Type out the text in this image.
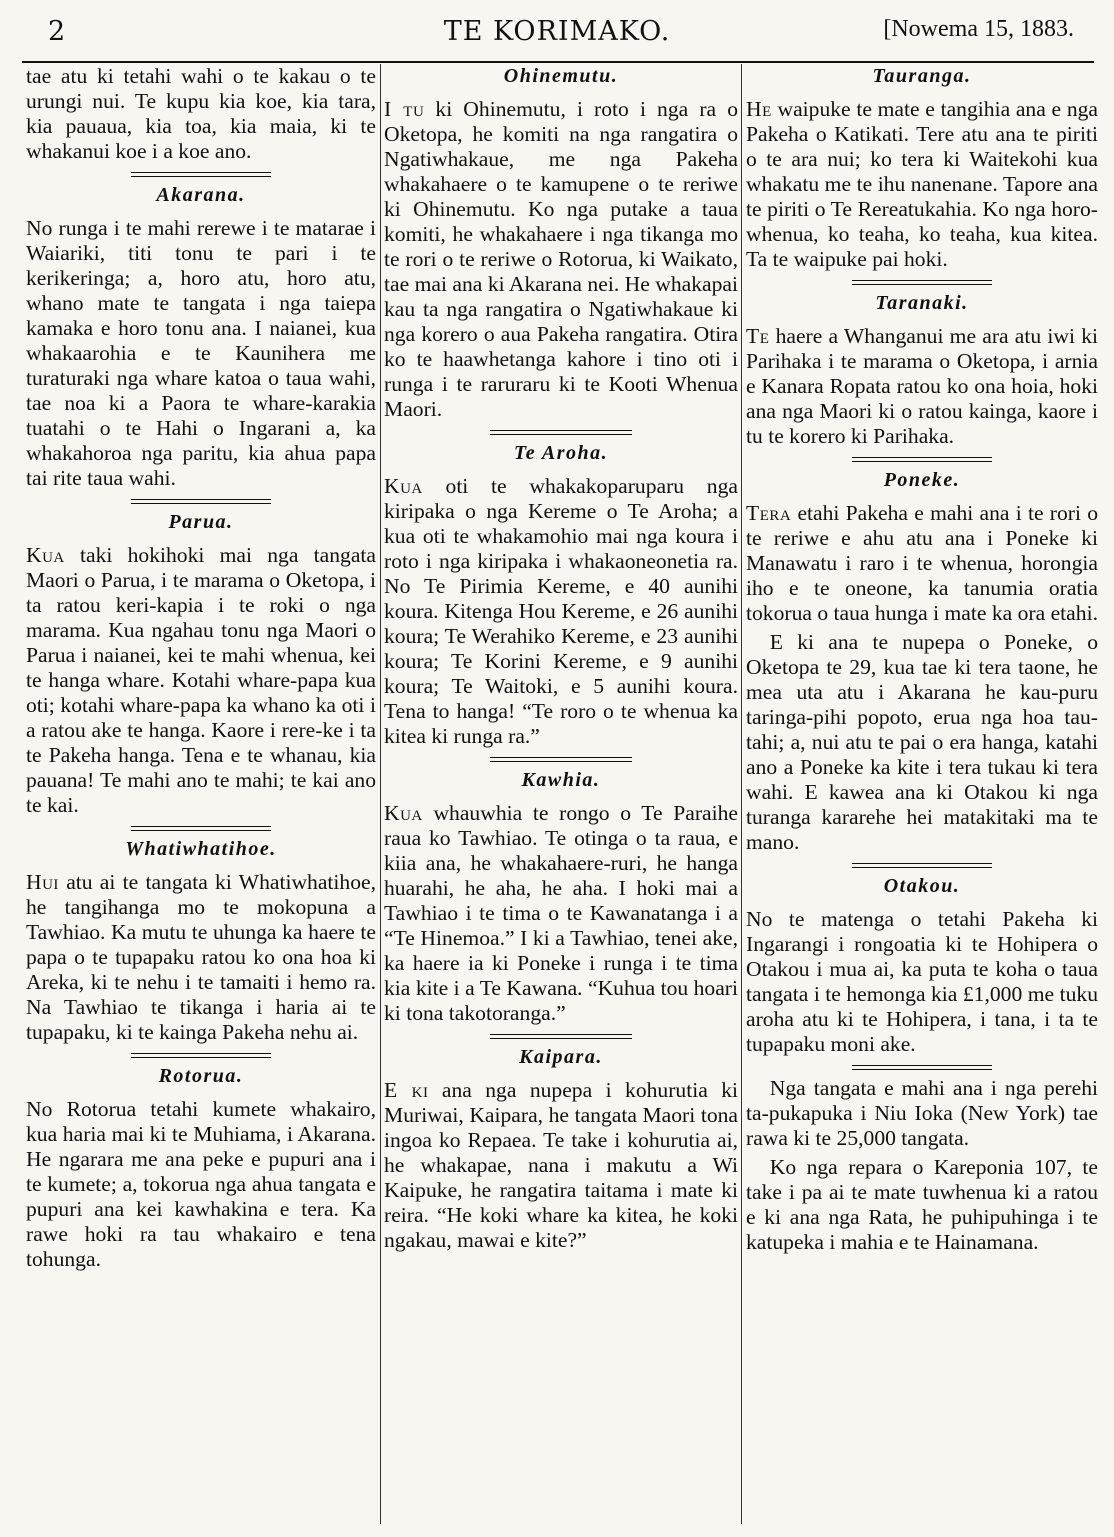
2	TE KORIMAKO.	[Nowema 15, 1883.

tae atu ki tetahi wahi o te kakau o te urungi nui. Te kupu kia koe, kia tara, kia pauaua, kia toa, kia maia, ki te whakanui koe i a koe ano.

Akarana.

No runga i te mahi rerewe i te matarae i Waiariki, titi tonu te pari i te kerikeringa; a, horo atu, horo atu, whano mate te tangata i nga taiepa kamaka e horo tonu ana. I naianei, kua whakaarohia e te Kaunihera me turaturaki nga whare katoa o taua wahi, tae noa ki a Paora te whare-karakia tuatahi o te Hahi o Ingarani a, ka whakahoroa nga paritu, kia ahua papa tai rite taua wahi.

Parua.

Kua taki hokihoki mai nga tangata Maori o Parua, i te marama o Oketopa, i ta ratou keri-kapia i te roki o nga marama. Kua ngahau tonu nga Maori o Parua i naianei, kei te mahi whenua, kei te hanga whare. Kotahi whare-papa kua oti; kotahi whare-papa ka whano ka oti i a ratou ake te hanga. Kaore i rere-ke i ta te Pakeha hanga. Tena e te whanau, kia pauana! Te mahi ano te mahi; te kai ano te kai.

Whatiwhatihoe.

Hui atu ai te tangata ki Whatiwhatihoe, he tangihanga mo te mokopuna a Tawhiao. Ka mutu te uhunga ka haere te papa o te tupapaku ratou ko ona hoa ki Areka, ki te nehu i te tamaiti i hemo ra. Na Tawhiao te tikanga i haria ai te tupapaku, ki te kainga Pakeha nehu ai.

Rotorua.

No Rotorua tetahi kumete whakairo, kua haria mai ki te Muhiama, i Akarana. He ngarara me ana peke e pupuri ana i te kumete; a, tokorua nga ahua tangata e pupuri ana kei kawhakina e tera. Ka rawe hoki ra tau whakairo e tena tohunga.

Ohinemutu.

I tu ki Ohinemutu, i roto i nga ra o Oketopa, he komiti na nga rangatira o Ngatiwhakaue, me nga Pakeha whakahaere o te kamupene o te reriwe ki Ohinemutu. Ko nga putake a taua komiti, he whakahaere i nga tikanga mo te rori o te reriwe o Rotorua, ki Waikato, tae mai ana ki Akarana nei. He whakapai kau ta nga rangatira o Ngatiwhakaue ki nga korero o aua Pakeha rangatira. Otira ko te haawhetanga kahore i tino oti i runga i te raruraru ki te Kooti Whenua Maori.

Te Aroha.

Kua oti te whakakoparuparu nga kiripaka o nga Kereme o Te Aroha; a kua oti te whakamohio mai nga koura i roto i nga kiripaka i whakaoneonetia ra. No Te Pirimia Kereme, e 40 aunihi koura. Kitenga Hou Kereme, e 26 aunihi koura; Te Werahiko Kereme, e 23 aunihi koura; Te Korini Kereme, e 9 aunihi koura; Te Waitoki, e 5 aunihi koura. Tena to hanga! “Te roro o te whenua ka kitea ki runga ra.”

Kawhia.

Kua whauwhia te rongo o Te Paraihe raua ko Tawhiao. Te otinga o ta raua, e kiia ana, he whakahaere-ruri, he hanga huarahi, he aha, he aha. I hoki mai a Tawhiao i te tima o te Kawanatanga i a “Te Hinemoa.” I ki a Tawhiao, tenei ake, ka haere ia ki Poneke i runga i te tima kia kite i a Te Kawana. “Kuhua tou hoari ki tona takotoranga.”

Kaipara.

E ki ana nga nupepa i kohurutia ki Muriwai, Kaipara, he tangata Maori tona ingoa ko Repaea. Te take i kohurutia ai, he whakapae, nana i makutu a Wi Kaipuke, he rangatira taitama i mate ki reira. “He koki whare ka kitea, he koki ngakau, mawai e kite?”

Tauranga.

He waipuke te mate e tangihia ana e nga Pakeha o Katikati. Tere atu ana te piriti o te ara nui; ko tera ki Waitekohi kua whakatu me te ihu nanenane. Tapore ana te piriti o Te Rereatukahia. Ko nga horo-whenua, ko teaha, ko teaha, kua kitea. Ta te waipuke pai hoki.

Taranaki.

Te haere a Whanganui me ara atu iwi ki Parihaka i te marama o Oketopa, i arnia e Kanara Ropata ratou ko ona hoia, hoki ana nga Maori ki o ratou kainga, kaore i tu te korero ki Parihaka.

Poneke.

Tera etahi Pakeha e mahi ana i te rori o te reriwe e ahu atu ana i Poneke ki Manawatu i raro i te whenua, horongia iho e te oneone, ka tanumia oratia tokorua o taua hunga i mate ka ora etahi.

E ki ana te nupepa o Poneke, o Oketopa te 29, kua tae ki tera taone, he mea uta atu i Akarana he kau-puru taringa-pihi popoto, erua nga hoa tau-tahi; a, nui atu te pai o era hanga, katahi ano a Poneke ka kite i tera tukau ki tera wahi. E kawea ana ki Otakou ki nga turanga kararehe hei matakitaki ma te mano.

Otakou.

No te matenga o tetahi Pakeha ki Ingarangi i rongoatia ki te Hohipera o Otakou i mua ai, ka puta te koha o taua tangata i te hemonga kia £1,000 me tuku aroha atu ki te Hohipera, i tana, i ta te tupapaku moni ake.

Nga tangata e mahi ana i nga perehi ta-pukapuka i Niu Ioka (New York) tae rawa ki te 25,000 tangata.

Ko nga repara o Kareponia 107, te take i pa ai te mate tuwhenua ki a ratou e ki ana nga Rata, he puhipuhinga i te katupeka i mahia e te Hainamana.
